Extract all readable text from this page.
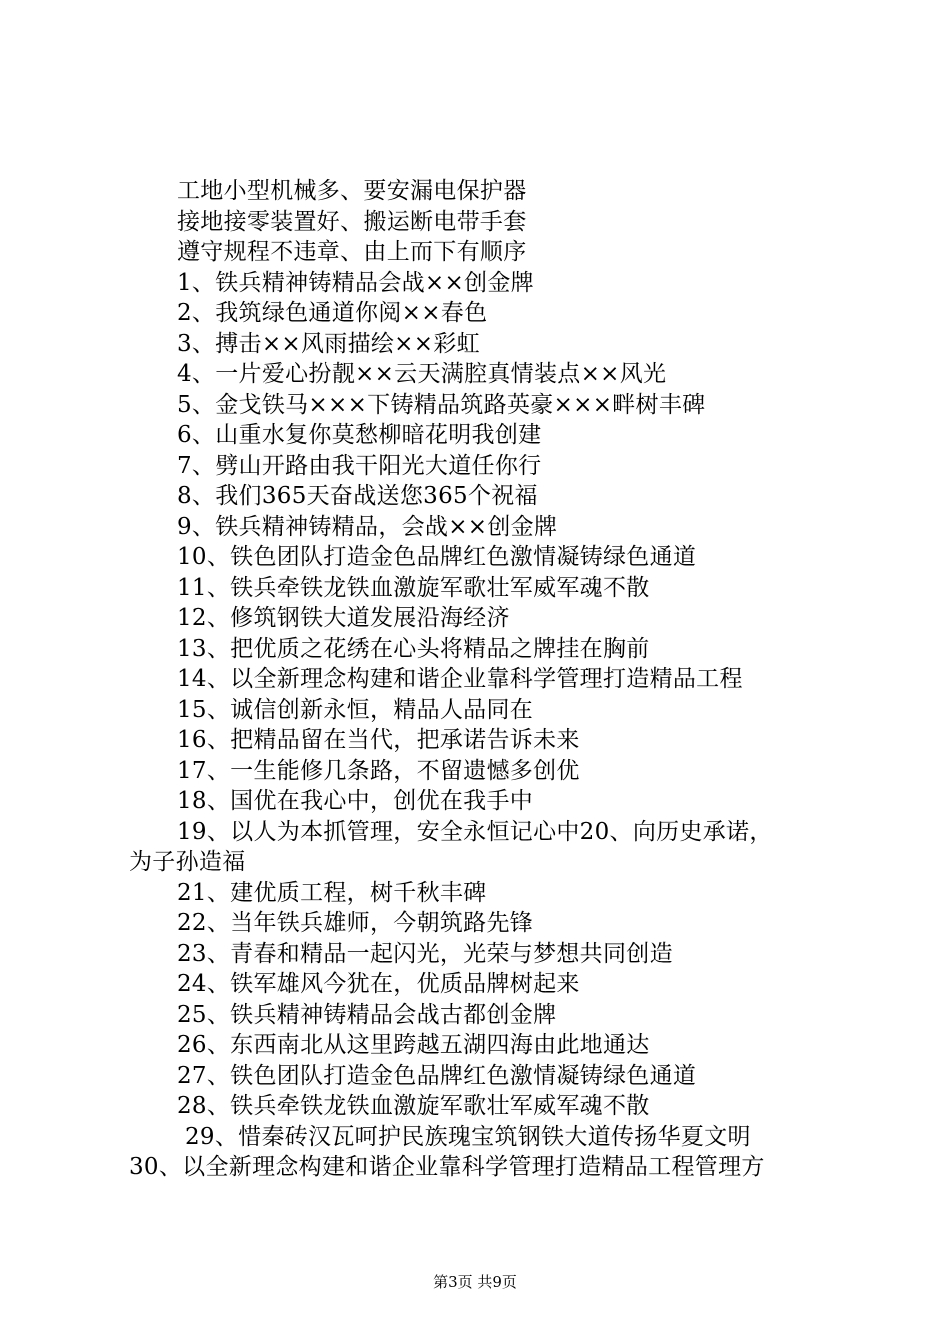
工地小型机械多、要安漏电保护器
接地接零装置好、搬运断电带手套
遵守规程不违章、由上而下有顺序
1、铁兵精神铸精品会战××创金牌
2、我筑绿色通道你阅××春色
3、搏击××风雨描绘××彩虹
4、一片爱心扮靓××云天满腔真情装点××风光
5、金戈铁马×××下铸精品筑路英豪×××畔树丰碑
6、山重水复你莫愁柳暗花明我创建
7、劈山开路由我干阳光大道任你行
8、我们365天奋战送您365个祝福
9、铁兵精神铸精品，会战××创金牌
10、铁色团队打造金色品牌红色激情凝铸绿色通道
11、铁兵牵铁龙铁血激旋军歌壮军威军魂不散
12、修筑钢铁大道发展沿海经济
13、把优质之花绣在心头将精品之牌挂在胸前
14、以全新理念构建和谐企业靠科学管理打造精品工程
15、诚信创新永恒，精品人品同在
16、把精品留在当代，把承诺告诉未来
17、一生能修几条路，不留遗憾多创优
18、国优在我心中，创优在我手中
19、以人为本抓管理，安全永恒记心中20、向历史承诺，
为子孙造福
21、建优质工程，树千秋丰碑
22、当年铁兵雄师，今朝筑路先锋
23、青春和精品一起闪光，光荣与梦想共同创造
24、铁军雄风今犹在，优质品牌树起来
25、铁兵精神铸精品会战古都创金牌
26、东西南北从这里跨越五湖四海由此地通达
27、铁色团队打造金色品牌红色激情凝铸绿色通道
28、铁兵牵铁龙铁血激旋军歌壮军威军魂不散
29、惜秦砖汉瓦呵护民族瑰宝筑钢铁大道传扬华夏文明
30、以全新理念构建和谐企业靠科学管理打造精品工程管理方
第3页 共9页
